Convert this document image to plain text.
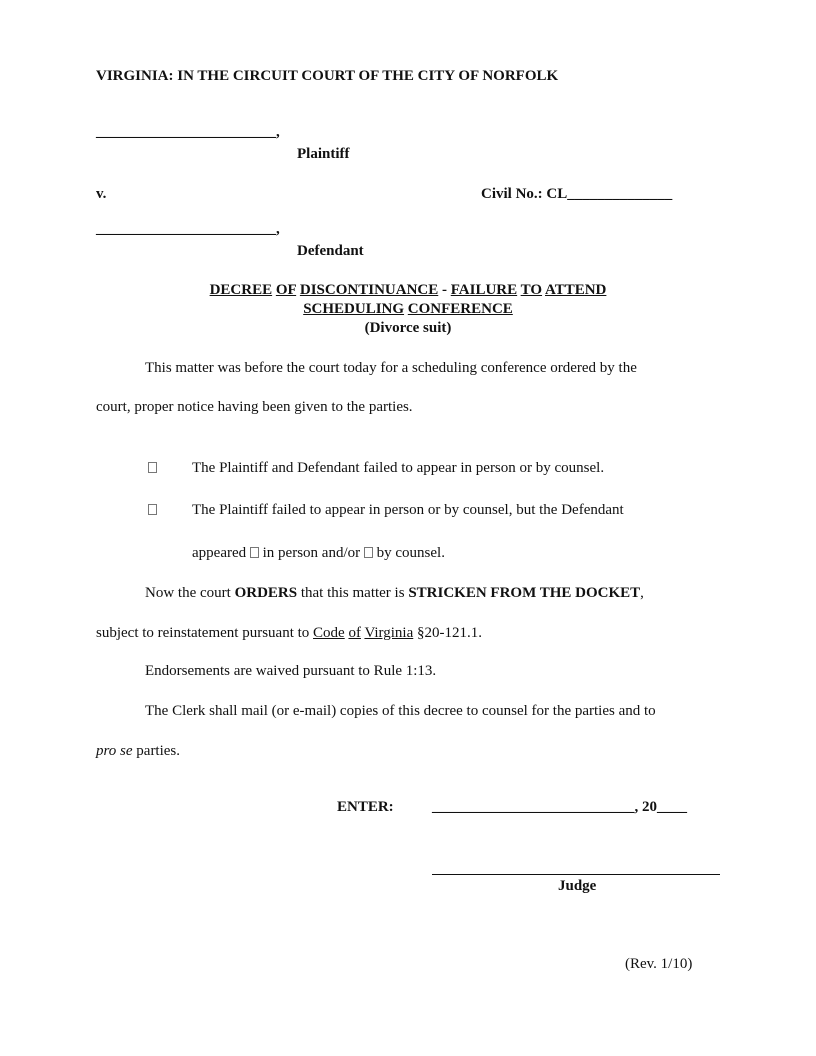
VIRGINIA: IN THE CIRCUIT COURT OF THE CITY OF NORFOLK
________________________,
Plaintiff
v.	Civil No.: CL______________
________________________,
Defendant
DECREE OF DISCONTINUANCE - FAILURE TO ATTEND
SCHEDULING CONFERENCE
(Divorce suit)
This matter was before the court today for a scheduling conference ordered by the
court, proper notice having been given to the parties.
The Plaintiff and Defendant failed to appear in person or by counsel.
The Plaintiff failed to appear in person or by counsel, but the Defendant
appeared in person and/or by counsel.
Now the court ORDERS that this matter is STRICKEN FROM THE DOCKET,
subject to reinstatement pursuant to Code of Virginia §20-121.1.
Endorsements are waived pursuant to Rule 1:13.
The Clerk shall mail (or e-mail) copies of this decree to counsel for the parties and to
pro se parties.
ENTER:	___________________________, 20____
Judge
(Rev. 1/10)
